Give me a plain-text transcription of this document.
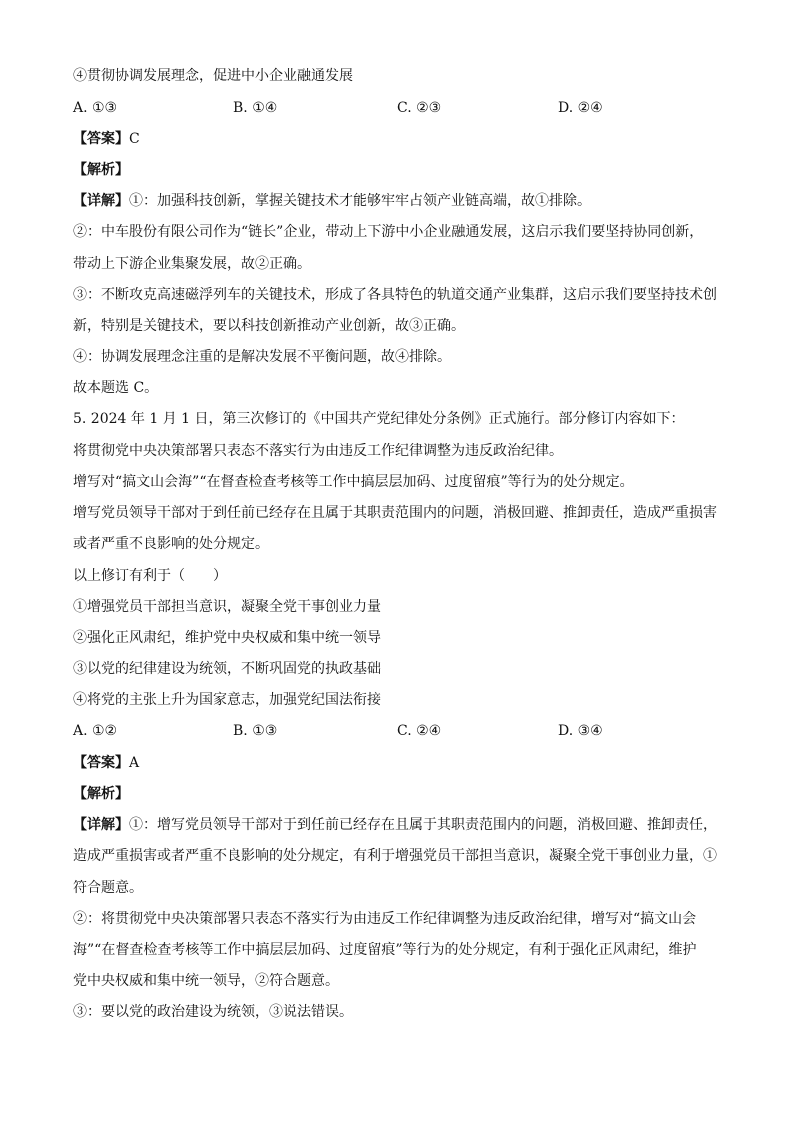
④贯彻协调发展理念，促进中小企业融通发展
A. ①③	B. ①④	C. ②③	D. ②④
【答案】C
【解析】
【详解】①：加强科技创新，掌握关键技术才能够牢牢占领产业链高端，故①排除。
②：中车股份有限公司作为“链长”企业，带动上下游中小企业融通发展，这启示我们要坚持协同创新，
带动上下游企业集聚发展，故②正确。
③：不断攻克高速磁浮列车的关键技术，形成了各具特色的轨道交通产业集群，这启示我们要坚持技术创
新，特别是关键技术，要以科技创新推动产业创新，故③正确。
④：协调发展理念注重的是解决发展不平衡问题，故④排除。
故本题选 C。
5. 2024 年 1 月 1 日，第三次修订的《中国共产党纪律处分条例》正式施行。部分修订内容如下：
将贯彻党中央决策部署只表态不落实行为由违反工作纪律调整为违反政治纪律。
增写对“搞文山会海”“在督查检查考核等工作中搞层层加码、过度留痕”等行为的处分规定。
增写党员领导干部对于到任前已经存在且属于其职责范围内的问题，消极回避、推卸责任，造成严重损害
或者严重不良影响的处分规定。
以上修订有利于（　　）
①增强党员干部担当意识，凝聚全党干事创业力量
②强化正风肃纪，维护党中央权威和集中统一领导
③以党的纪律建设为统领，不断巩固党的执政基础
④将党的主张上升为国家意志，加强党纪国法衔接
A. ①②	B. ①③	C. ②④	D. ③④
【答案】A
【解析】
【详解】①：增写党员领导干部对于到任前已经存在且属于其职责范围内的问题，消极回避、推卸责任，
造成严重损害或者严重不良影响的处分规定，有利于增强党员干部担当意识，凝聚全党干事创业力量，①
符合题意。
②：将贯彻党中央决策部署只表态不落实行为由违反工作纪律调整为违反政治纪律，增写对“搞文山会
海”“在督查检查考核等工作中搞层层加码、过度留痕”等行为的处分规定，有利于强化正风肃纪，维护
党中央权威和集中统一领导，②符合题意。
③：要以党的政治建设为统领，③说法错误。
